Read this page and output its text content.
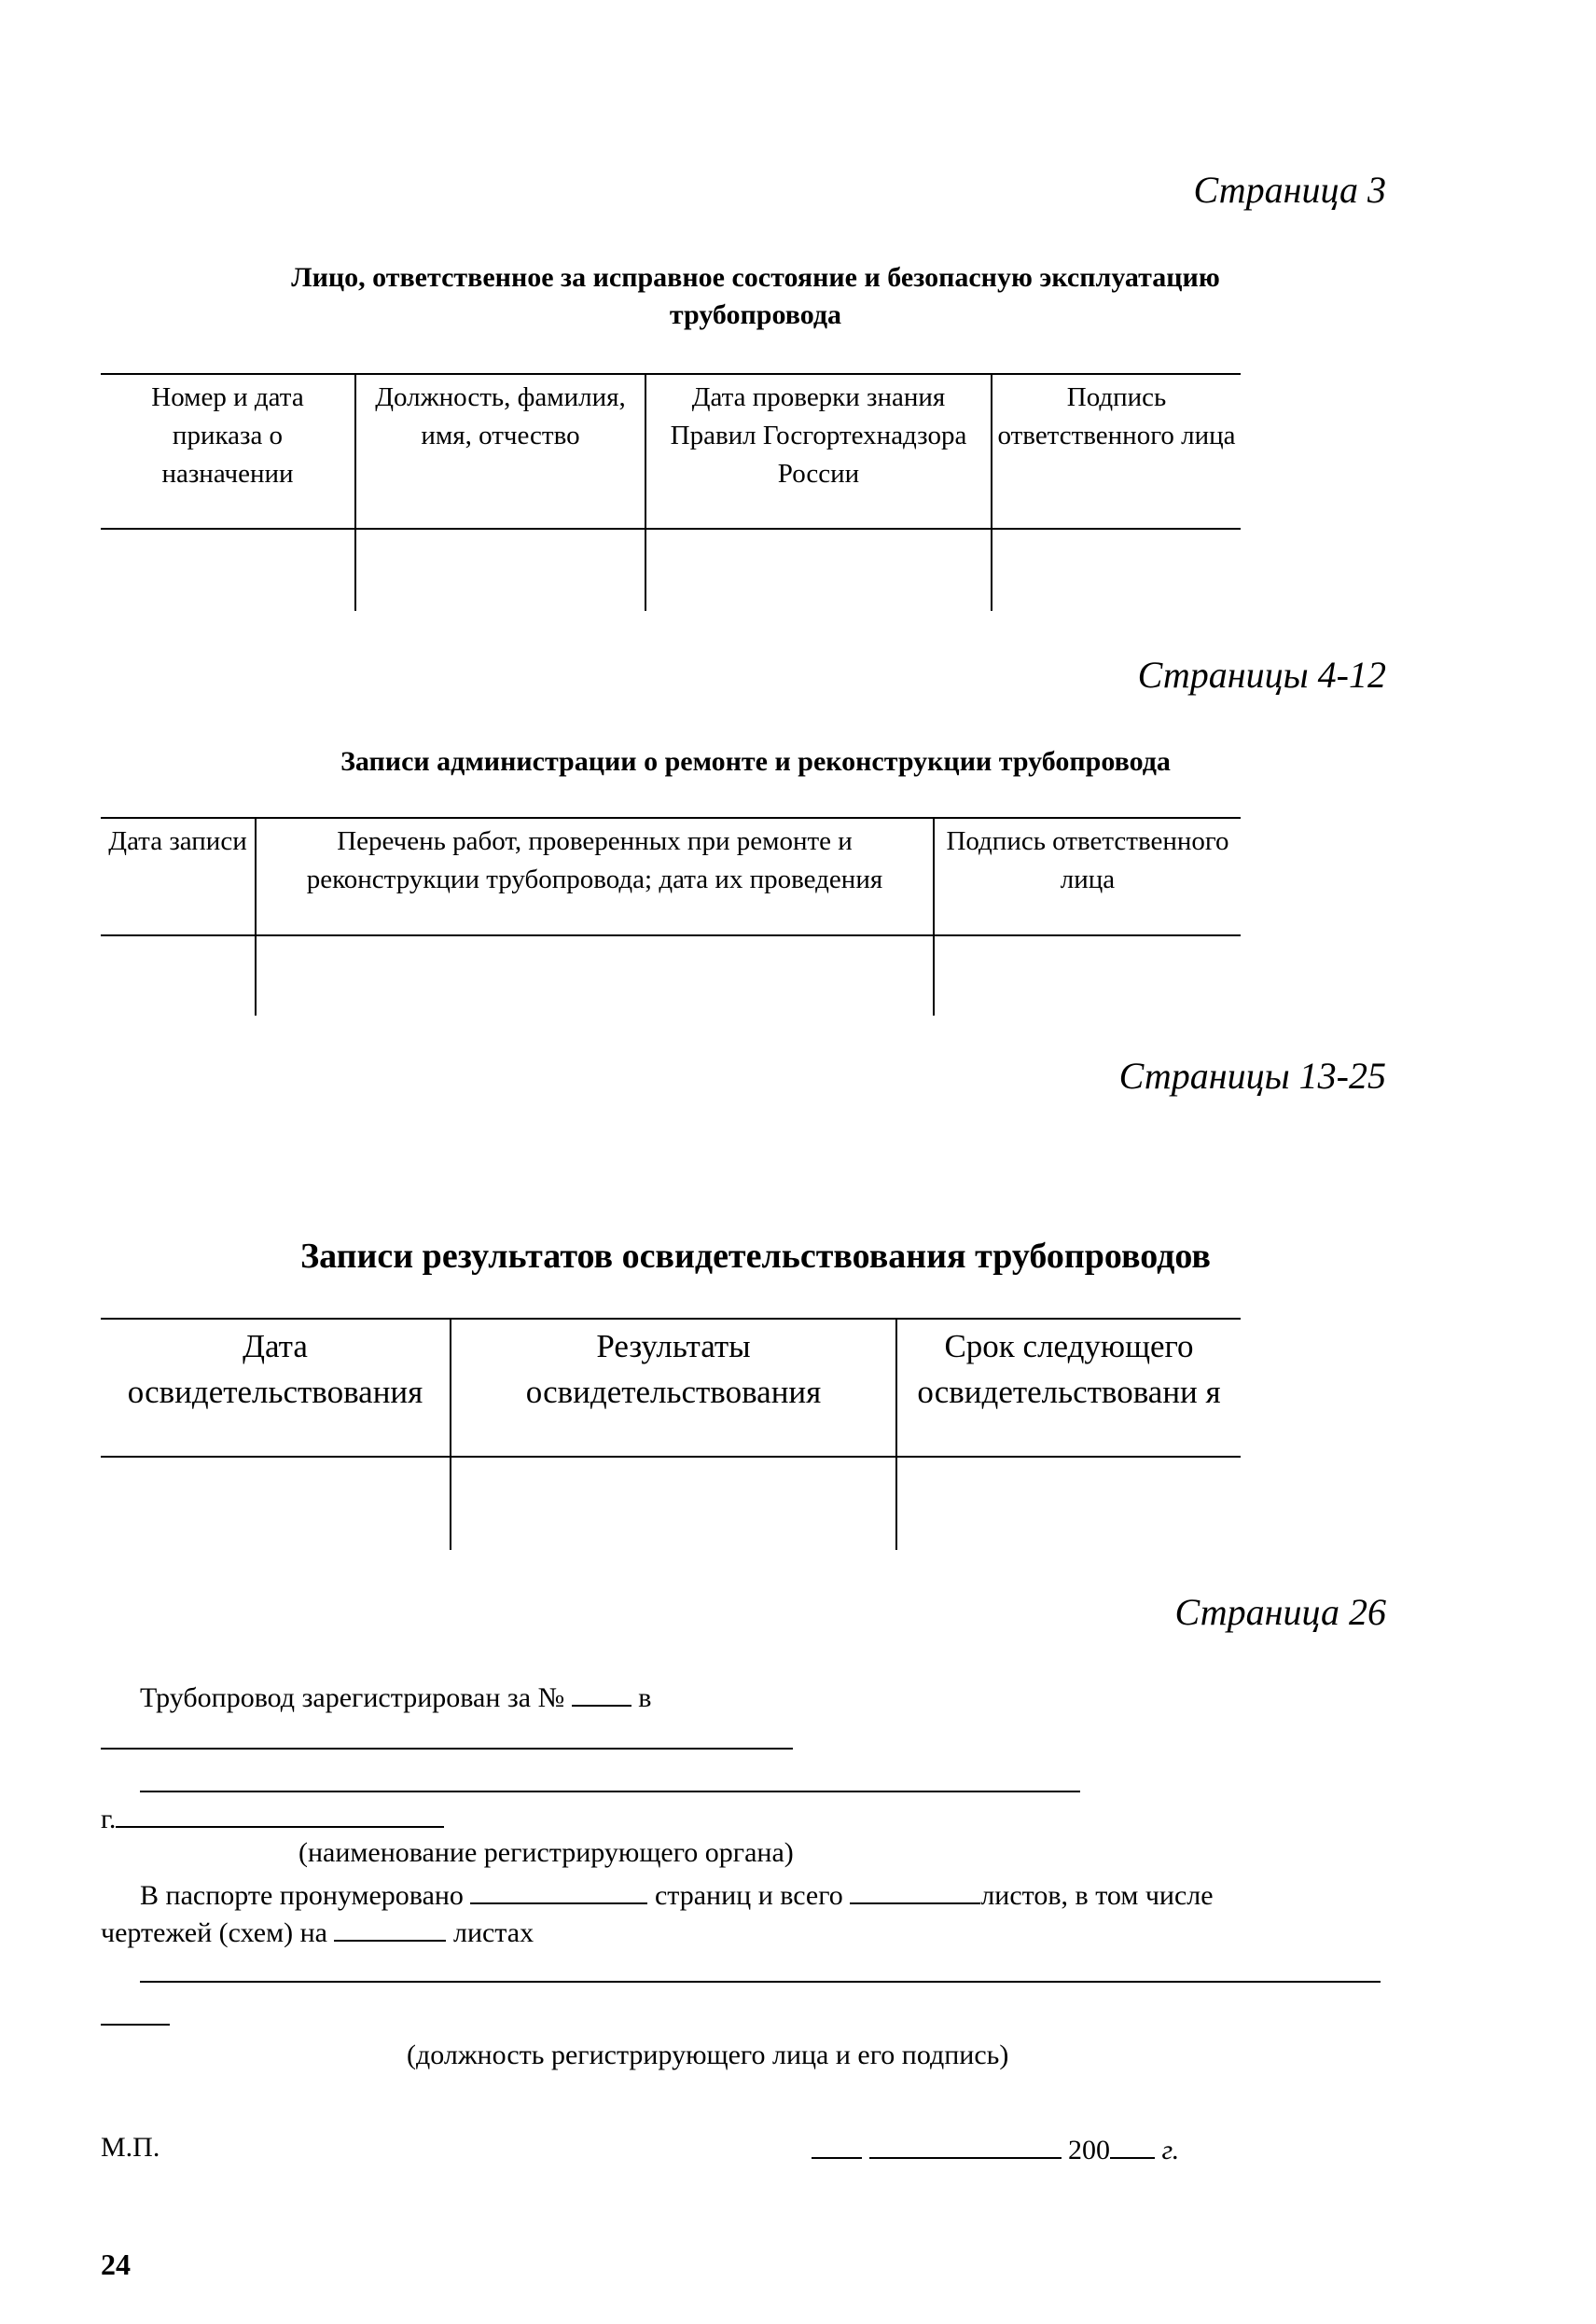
Страница 3
Лицо, ответственное за исправное состояние и безопасную эксплуатацию
трубопровода
Номер и дата приказа о назначении	Должность, фамилия, имя, отчество	Дата проверки знания Правил Госгортехнадзора России	Подпись ответственного лица

Страницы 4-12
Записи администрации о ремонте и реконструкции трубопровода
Дата записи	Перечень работ, проверенных при ремонте и реконструкции трубопровода; дата их проведения	Подпись ответственного лица

Страницы 13-25
Записи результатов освидетельствования трубопроводов
Дата освидетельствования	Результаты освидетельствования	Срок следующего освидетельствовани я

Страница 26
Трубопровод зарегистрирован за №	в
г.
(наименование регистрирующего органа)
В паспорте пронумеровано	страниц и всего	листов, в том числе
чертежей (схем) на	листах
(должность регистрирующего лица и его подпись)
М.П.	200 г.
24
